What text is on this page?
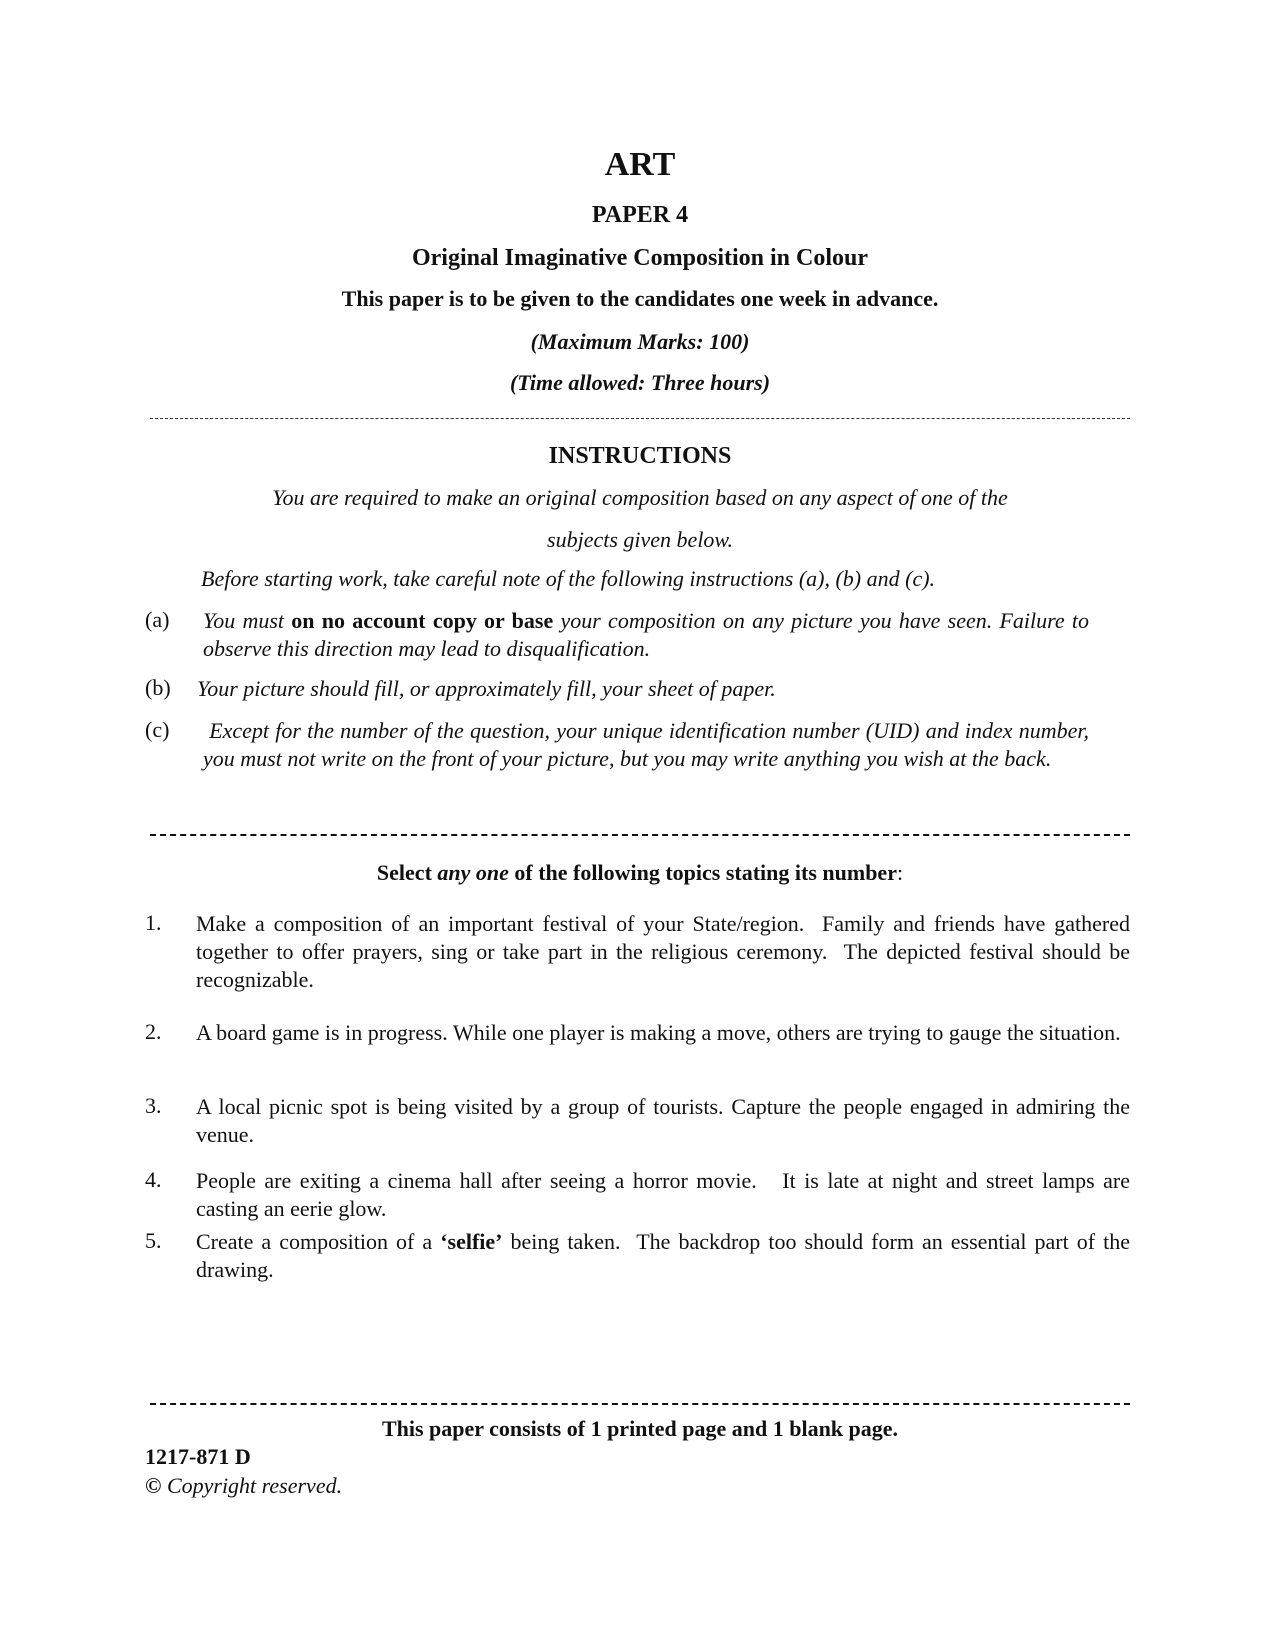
ART
PAPER 4
Original Imaginative Composition in Colour
This paper is to be given to the candidates one week in advance.
(Maximum Marks: 100)
(Time allowed: Three hours)
INSTRUCTIONS
You are required to make an original composition based on any aspect of one of the
subjects given below.
Before starting work, take careful note of the following instructions (a), (b) and (c).
(a) You must on no account copy or base your composition on any picture you have seen. Failure to observe this direction may lead to disqualification.
(b) Your picture should fill, or approximately fill, your sheet of paper.
(c) Except for the number of the question, your unique identification number (UID) and index number, you must not write on the front of your picture, but you may write anything you wish at the back.
Select any one of the following topics stating its number:
1. Make a composition of an important festival of your State/region.  Family and friends have gathered together to offer prayers, sing or take part in the religious ceremony.  The depicted festival should be recognizable.
2. A board game is in progress. While one player is making a move, others are trying to gauge the situation.
3. A local picnic spot is being visited by a group of tourists. Capture the people engaged in admiring the venue.
4. People are exiting a cinema hall after seeing a horror movie.   It is late at night and street lamps are casting an eerie glow.
5. Create a composition of a ‘selfie’ being taken.  The backdrop too should form an essential part of the drawing.
This paper consists of 1 printed page and 1 blank page.
1217-871 D
© Copyright reserved.
